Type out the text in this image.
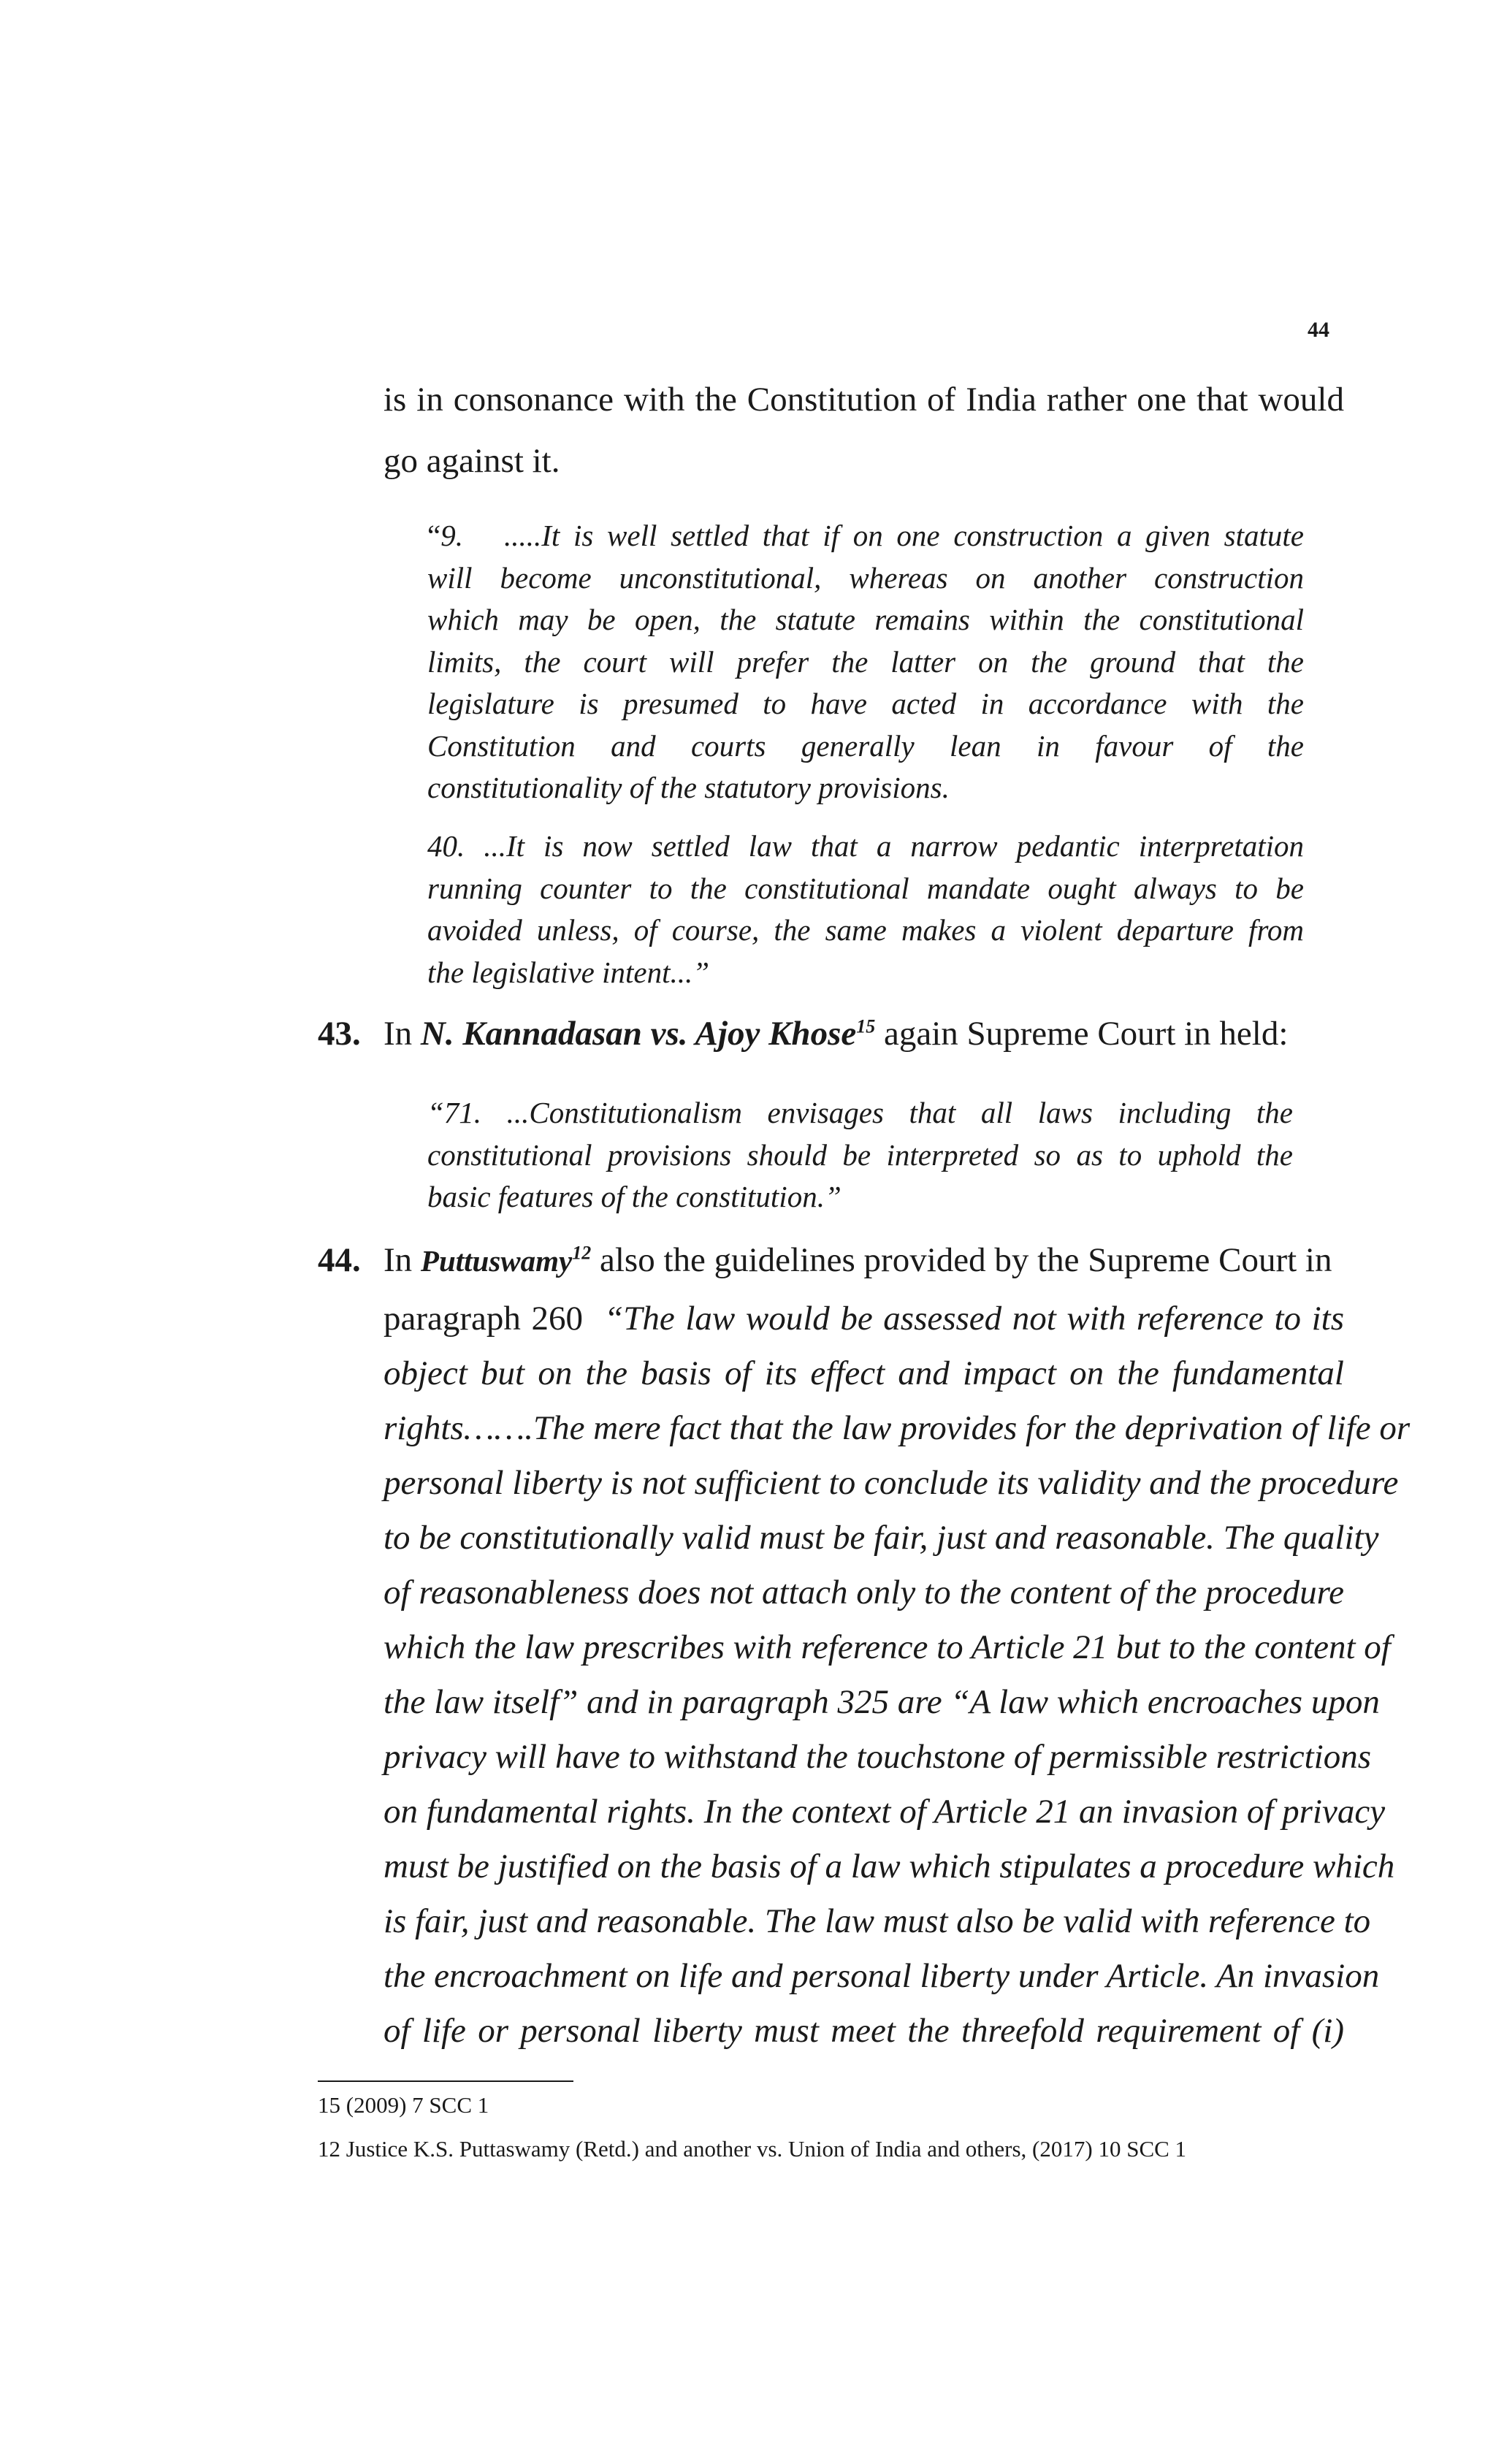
44
is in consonance with the Constitution of India rather one that would
go against it.
“9. .....It is well settled that if on one construction a given statute
will become unconstitutional, whereas on another construction
which may be open, the statute remains within the constitutional
limits, the court will prefer the latter on the ground that the
legislature is presumed to have acted in accordance with the
Constitution and courts generally lean in favour of the
constitutionality of the statutory provisions.
40. ...It is now settled law that a narrow pedantic interpretation
running counter to the constitutional mandate ought always to be
avoided unless, of course, the same makes a violent departure from
the legislative intent...”
43. In N. Kannadasan vs. Ajoy Khose$^{15}$ again Supreme Court in held:
“71. ...Constitutionalism envisages that all laws including the
constitutional provisions should be interpreted so as to uphold the
basic features of the constitution.”
44. In Puttuswamy$^{12}$ also the guidelines provided by the Supreme Court in
paragraph 260 “The law would be assessed not with reference to its
object but on the basis of its effect and impact on the fundamental
rights…….The mere fact that the law provides for the deprivation of life or
personal liberty is not sufficient to conclude its validity and the procedure
to be constitutionally valid must be fair, just and reasonable. The quality
of reasonableness does not attach only to the content of the procedure
which the law prescribes with reference to Article 21 but to the content of
the law itself” and in paragraph 325 are “A law which encroaches upon
privacy will have to withstand the touchstone of permissible restrictions
on fundamental rights. In the context of Article 21 an invasion of privacy
must be justified on the basis of a law which stipulates a procedure which
is fair, just and reasonable. The law must also be valid with reference to
the encroachment on life and personal liberty under Article. An invasion
of life or personal liberty must meet the threefold requirement of (i)
15 (2009) 7 SCC 1
12 Justice K.S. Puttaswamy (Retd.) and another vs. Union of India and others, (2017) 10 SCC 1
